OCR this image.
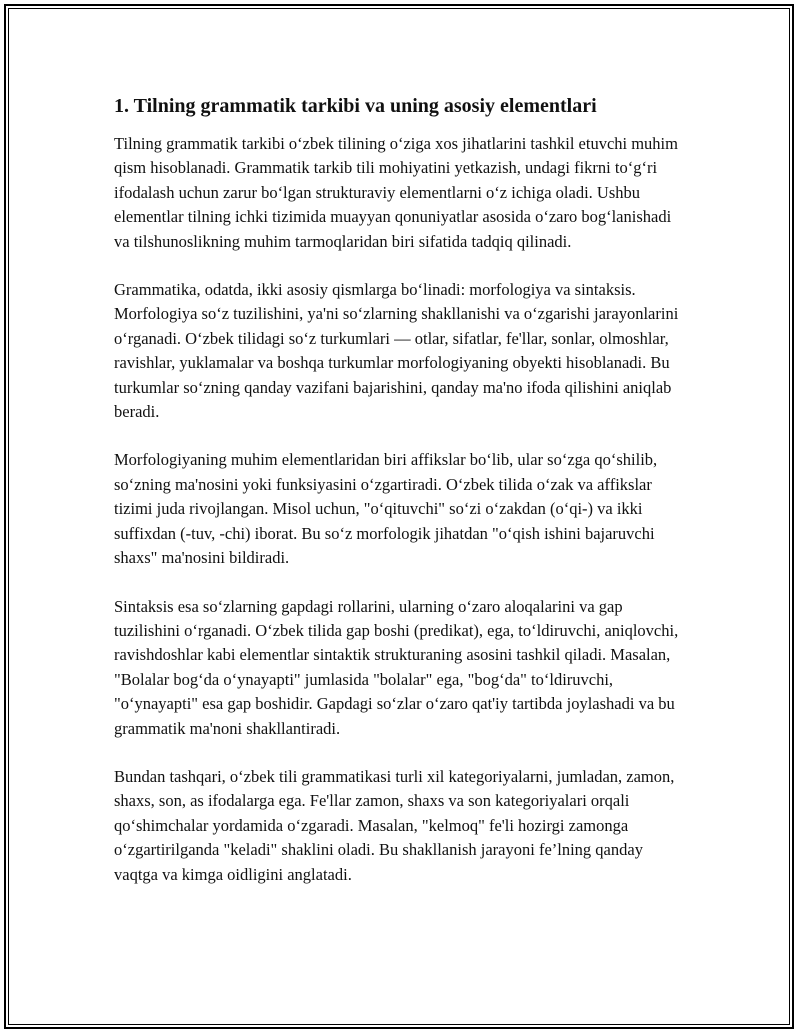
1. Tilning grammatik tarkibi va uning asosiy elementlari

Tilning grammatik tarkibi o‘zbek tilining o‘ziga xos jihatlarini tashkil etuvchi muhim qism hisoblanadi. Grammatik tarkib tili mohiyatini yetkazish, undagi fikrni to‘g‘ri ifodalash uchun zarur bo‘lgan strukturaviy elementlarni o‘z ichiga oladi. Ushbu elementlar tilning ichki tizimida muayyan qonuniyatlar asosida o‘zaro bog‘lanishadi va tilshunoslikning muhim tarmoqlaridan biri sifatida tadqiq qilinadi.

Grammatika, odatda, ikki asosiy qismlarga bo‘linadi: morfologiya va sintaksis. Morfologiya so‘z tuzilishini, ya'ni so‘zlarning shakllanishi va o‘zgarishi jarayonlarini o‘rganadi. O‘zbek tilidagi so‘z turkumlari — otlar, sifatlar, fe'llar, sonlar, olmoshlar, ravishlar, yuklamalar va boshqa turkumlar morfologiyaning obyekti hisoblanadi. Bu turkumlar so‘zning qanday vazifani bajarishini, qanday ma'no ifoda qilishini aniqlab beradi.

Morfologiyaning muhim elementlaridan biri affikslar bo‘lib, ular so‘zga qo‘shilib, so‘zning ma'nosini yoki funksiyasini o‘zgartiradi. O‘zbek tilida o‘zak va affikslar tizimi juda rivojlangan. Misol uchun, "o‘qituvchi" so‘zi o‘zakdan (o‘qi-) va ikki suffixdan (-tuv, -chi) iborat. Bu so‘z morfologik jihatdan "o‘qish ishini bajaruvchi shaxs" ma'nosini bildiradi.

Sintaksis esa so‘zlarning gapdagi rollarini, ularning o‘zaro aloqalarini va gap tuzilishini o‘rganadi. O‘zbek tilida gap boshi (predikat), ega, to‘ldiruvchi, aniqlovchi, ravishdoshlar kabi elementlar sintaktik strukturaning asosini tashkil qiladi. Masalan, "Bolalar bog‘da o‘ynayapti" jumlasida "bolalar" ega, "bog‘da" to‘ldiruvchi, "o‘ynayapti" esa gap boshidir. Gapdagi so‘zlar o‘zaro qat'iy tartibda joylashadi va bu grammatik ma'noni shakllantiradi.

Bundan tashqari, o‘zbek tili grammatikasi turli xil kategoriyalarni, jumladan, zamon, shaxs, son, as ifodalarga ega. Fe'llar zamon, shaxs va son kategoriyalari orqali qo‘shimchalar yordamida o‘zgaradi. Masalan, "kelmoq" fe'li hozirgi zamonga o‘zgartirilganda "keladi" shaklini oladi. Bu shakllanish jarayoni fe’lning qanday vaqtga va kimga oidligini anglatadi.
